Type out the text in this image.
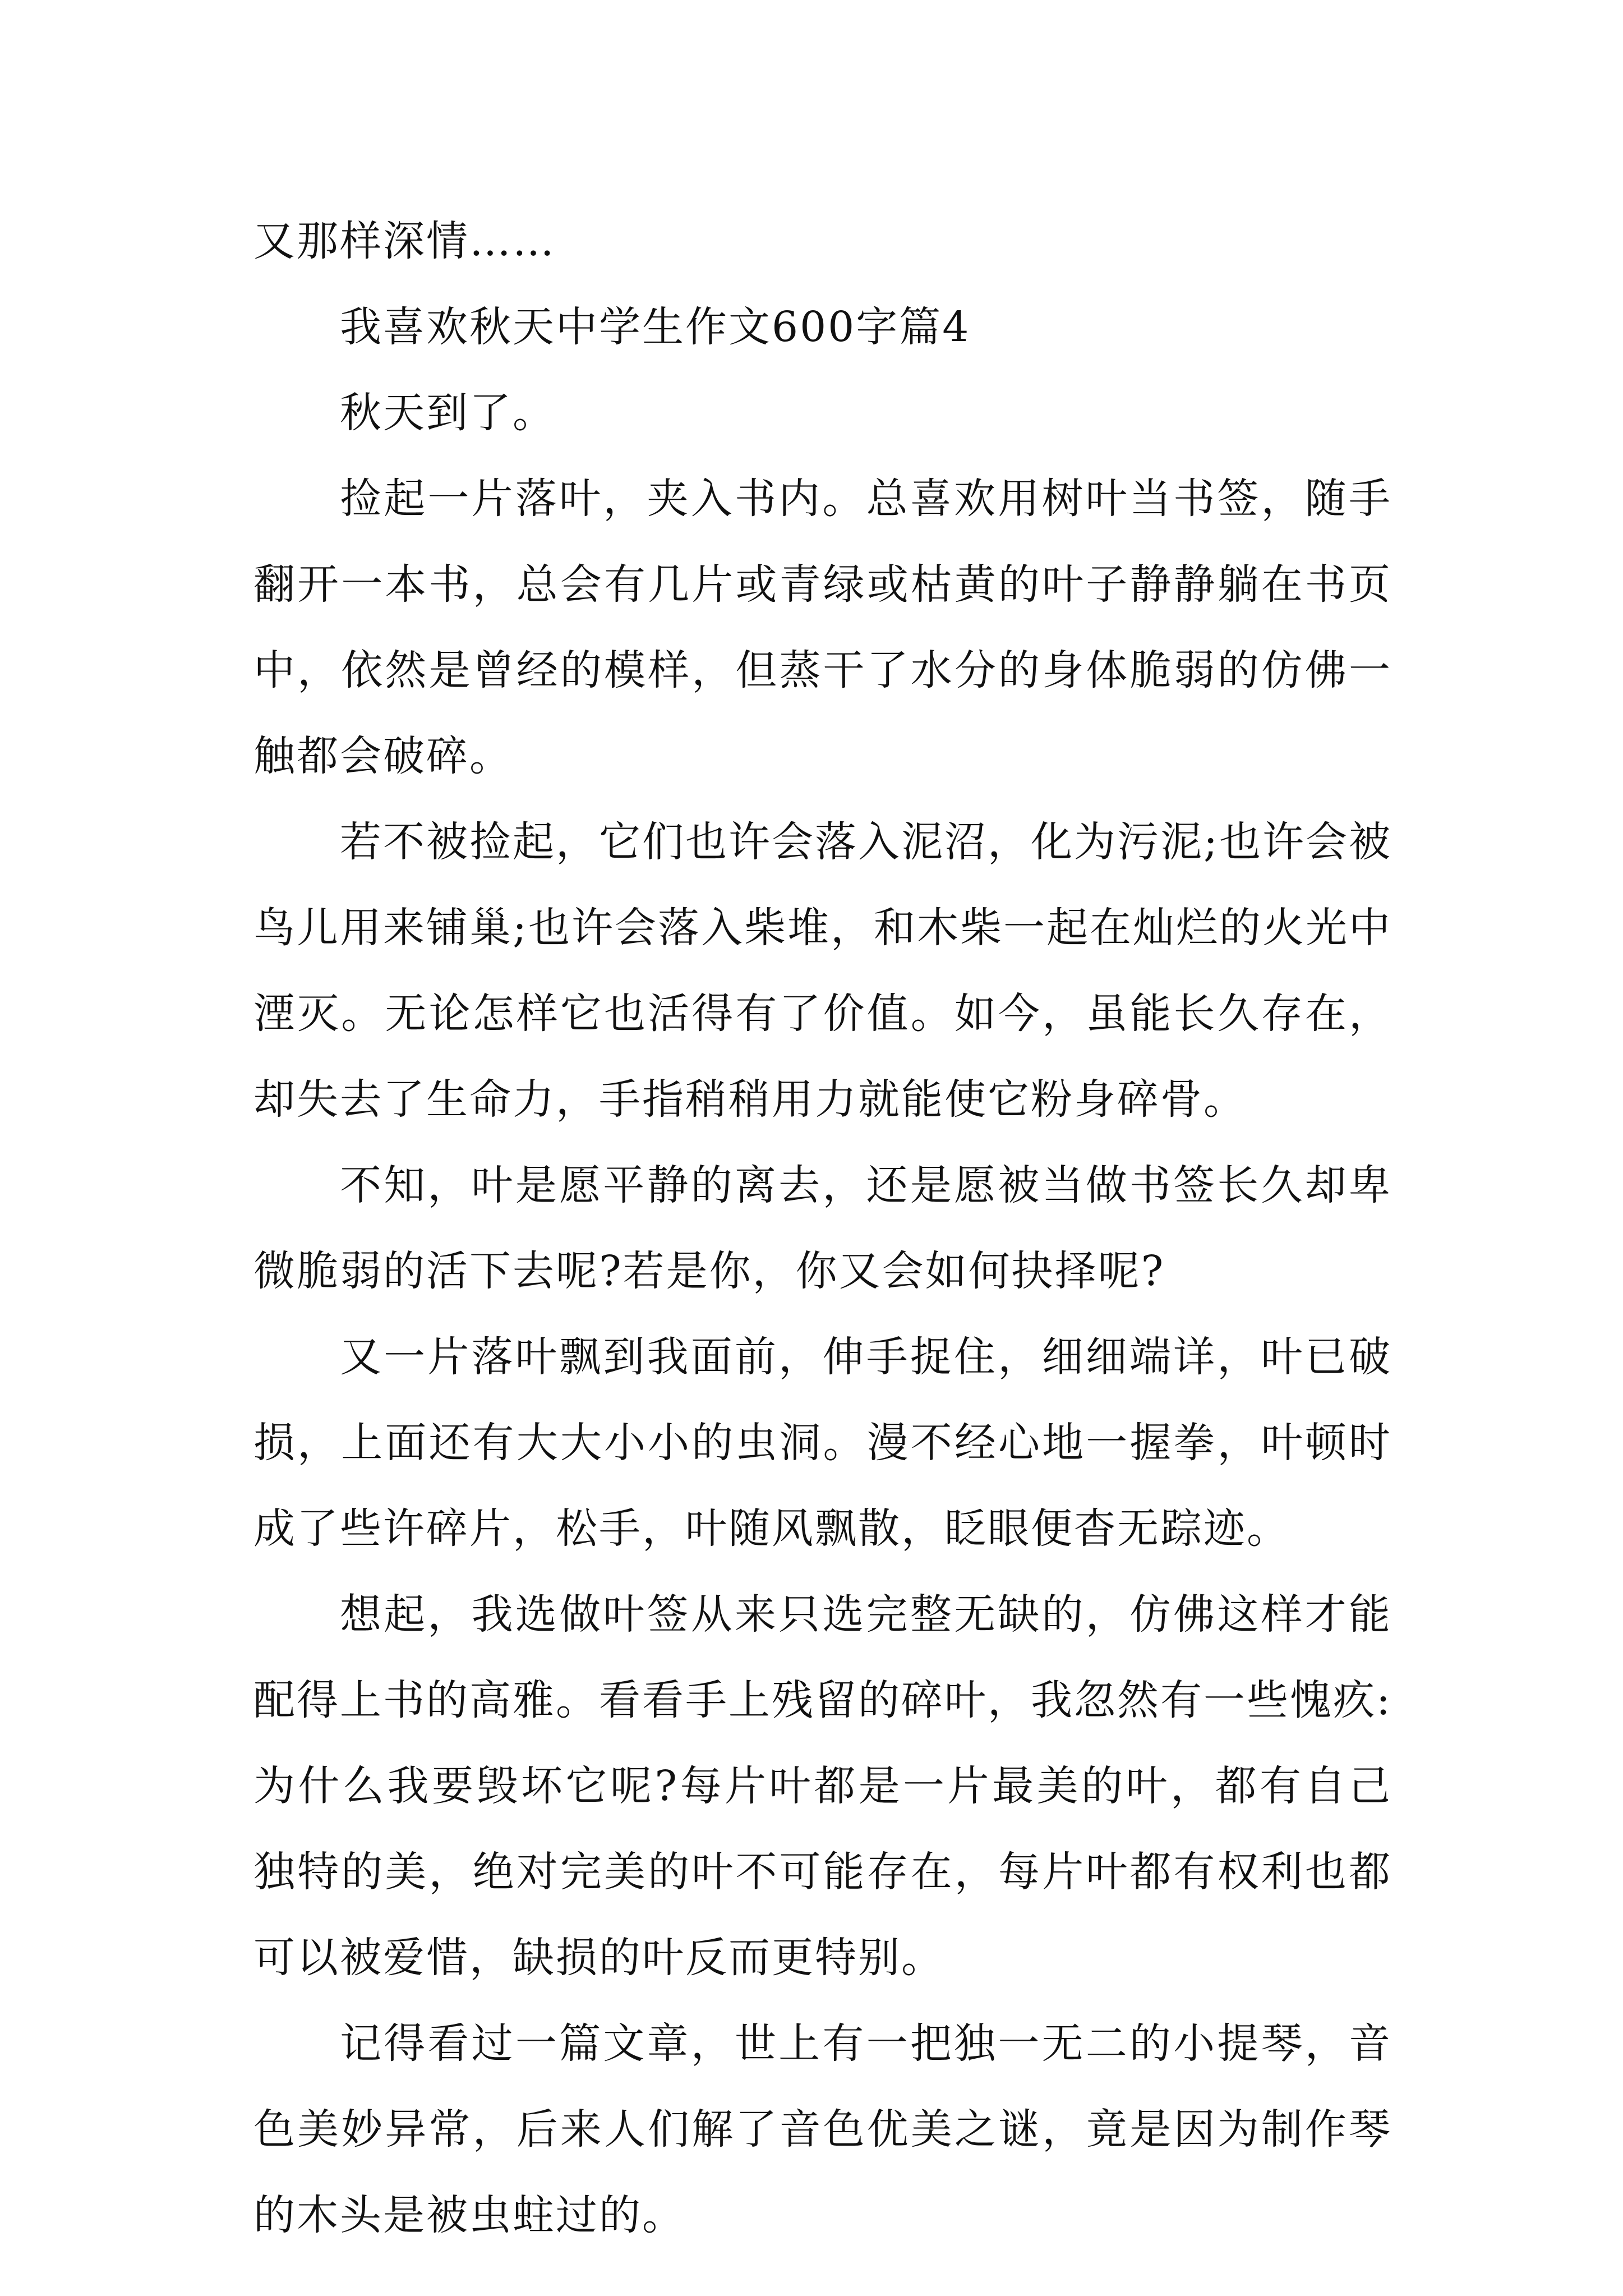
又那样深情……

我喜欢秋天中学生作文600字篇4

秋天到了。

捡起一片落叶，夹入书内。总喜欢用树叶当书签，随手翻开一本书，总会有几片或青绿或枯黄的叶子静静躺在书页中，依然是曾经的模样，但蒸干了水分的身体脆弱的仿佛一触都会破碎。

若不被捡起，它们也许会落入泥沼，化为污泥;也许会被鸟儿用来铺巢;也许会落入柴堆，和木柴一起在灿烂的火光中湮灭。无论怎样它也活得有了价值。如今，虽能长久存在，却失去了生命力，手指稍稍用力就能使它粉身碎骨。

不知，叶是愿平静的离去，还是愿被当做书签长久却卑微脆弱的活下去呢?若是你，你又会如何抉择呢?

又一片落叶飘到我面前，伸手捉住，细细端详，叶已破损，上面还有大大小小的虫洞。漫不经心地一握拳，叶顿时成了些许碎片，松手，叶随风飘散，眨眼便杳无踪迹。

想起，我选做叶签从来只选完整无缺的，仿佛这样才能配得上书的高雅。看看手上残留的碎叶，我忽然有一些愧疚:为什么我要毁坏它呢?每片叶都是一片最美的叶，都有自己独特的美，绝对完美的叶不可能存在，每片叶都有权利也都可以被爱惜，缺损的叶反而更特别。

记得看过一篇文章，世上有一把独一无二的小提琴，音色美妙异常，后来人们解了音色优美之谜，竟是因为制作琴的木头是被虫蛀过的。
